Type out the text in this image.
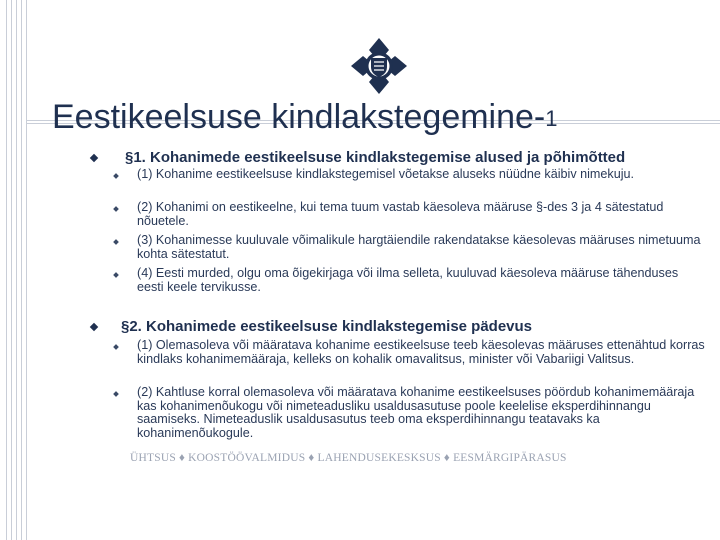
Eestikeelsuse kindlakstegemine-1
§1. Kohanimede eestikeelsuse kindlakstegemise alused ja põhimõtted
(1) Kohanime eestikeelsuse kindlakstegemisel võetakse aluseks nüüdne käibiv nimekuju.
(2) Kohanimi on eestikeelne, kui tema tuum vastab käesoleva määruse §-des 3 ja 4 sätestatud nõuetele.
(3) Kohanimesse kuuluvale võimalikule hargtäiendile rakendatakse käesolevas määruses nimetuuma kohta sätestatut.
(4) Eesti murded, olgu oma õigekirjaga või ilma selleta, kuuluvad käesoleva määruse tähenduses eesti keele tervikusse.
§2. Kohanimede eestikeelsuse kindlakstegemise pädevus
(1) Olemasoleva või määratava kohanime eestikeelsuse teeb käesolevas määruses ettenähtud korras kindlaks kohanimemääraja, kelleks on kohalik omavalitsus, minister või Vabariigi Valitsus.
(2) Kahtluse korral olemasoleva või määratava kohanime eestikeelsuses pöördub kohanimemääraja kas kohanimenõukogu või nimeteadusliku usaldusasutuse poole keelelise eksperdihinnangu saamiseks. Nimeteaduslik usaldusasutus teeb oma eksperdihinnangu teatavaks ka kohanimenõukogule.
ÜHTSUS ♦ KOOSTÖÖVALMIDUS ♦ LAHENDUSEKESKSUS ♦ EESMÄRGIPÄRASUS
